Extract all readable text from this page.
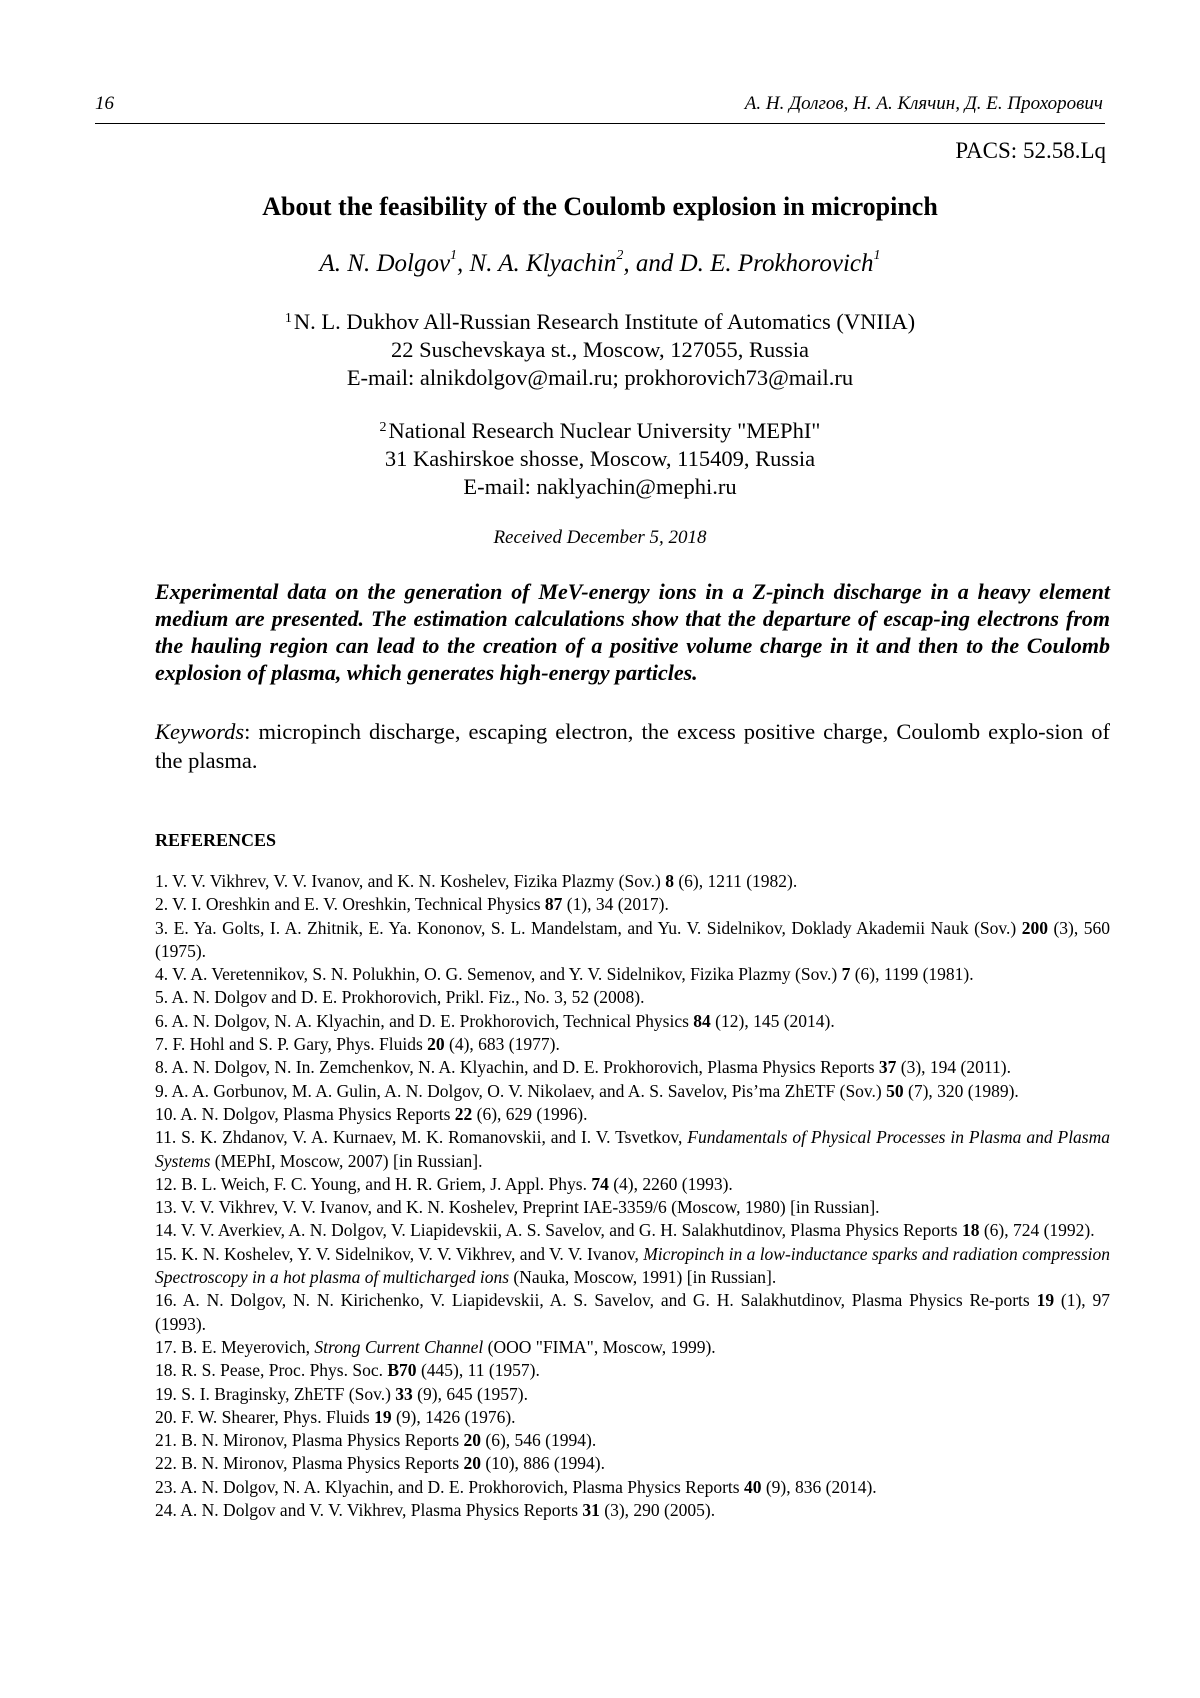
16	А. Н. Долгов, Н. А. Клячин, Д. Е. Прохорович
PACS: 52.58.Lq
About the feasibility of the Coulomb explosion in micropinch
A. N. Dolgov$^1$, N. A. Klyachin$^2$, and D. E. Prokhorovich$^1$
$^1$N. L. Dukhov All-Russian Research Institute of Automatics (VNIIA)
22 Suschevskaya st., Moscow, 127055, Russia
E-mail: alnikdolgov@mail.ru; prokhorovich73@mail.ru
$^2$National Research Nuclear University "MEPhI"
31 Kashirskoe shosse, Moscow, 115409, Russia
E-mail: naklyachin@mephi.ru
Received December 5, 2018
Experimental data on the generation of MeV-energy ions in a Z-pinch discharge in a heavy element medium are presented. The estimation calculations show that the departure of escap-ing electrons from the hauling region can lead to the creation of a positive volume charge in it and then to the Coulomb explosion of plasma, which generates high-energy particles.
Keywords: micropinch discharge, escaping electron, the excess positive charge, Coulomb explo-sion of the plasma.
REFERENCES
1. V. V. Vikhrev, V. V. Ivanov, and K. N. Koshelev, Fizika Plazmy (Sov.) 8 (6), 1211 (1982).
2. V. I. Oreshkin and E. V. Oreshkin, Technical Physics 87 (1), 34 (2017).
3. E. Ya. Golts, I. A. Zhitnik, E. Ya. Kononov, S. L. Mandelstam, and Yu. V. Sidelnikov, Doklady Akademii Nauk (Sov.) 200 (3), 560 (1975).
4. V. A. Veretennikov, S. N. Polukhin, O. G. Semenov, and Y. V. Sidelnikov, Fizika Plazmy (Sov.) 7 (6), 1199 (1981).
5. A. N. Dolgov and D. E. Prokhorovich, Prikl. Fiz., No. 3, 52 (2008).
6. A. N. Dolgov, N. A. Klyachin, and D. E. Prokhorovich, Technical Physics 84 (12), 145 (2014).
7. F. Hohl and S. P. Gary, Phys. Fluids 20 (4), 683 (1977).
8. A. N. Dolgov, N. In. Zemchenkov, N. A. Klyachin, and D. E. Prokhorovich, Plasma Physics Reports 37 (3), 194 (2011).
9. A. A. Gorbunov, M. A. Gulin, A. N. Dolgov, O. V. Nikolaev, and A. S. Savelov, Pis’ma ZhETF (Sov.) 50 (7), 320 (1989).
10. A. N. Dolgov, Plasma Physics Reports 22 (6), 629 (1996).
11. S. K. Zhdanov, V. A. Kurnaev, M. K. Romanovskii, and I. V. Tsvetkov, Fundamentals of Physical Processes in Plasma and Plasma Systems (MEPhI, Moscow, 2007) [in Russian].
12. B. L. Weich, F. C. Young, and H. R. Griem, J. Appl. Phys. 74 (4), 2260 (1993).
13. V. V. Vikhrev, V. V. Ivanov, and K. N. Koshelev, Preprint IAE-3359/6 (Moscow, 1980) [in Russian].
14. V. V. Averkiev, A. N. Dolgov, V. Liapidevskii, A. S. Savelov, and G. H. Salakhutdinov, Plasma Physics Reports 18 (6), 724 (1992).
15. K. N. Koshelev, Y. V. Sidelnikov, V. V. Vikhrev, and V. V. Ivanov, Micropinch in a low-inductance sparks and radiation compression Spectroscopy in a hot plasma of multicharged ions (Nauka, Moscow, 1991) [in Russian].
16. A. N. Dolgov, N. N. Kirichenko, V. Liapidevskii, A. S. Savelov, and G. H. Salakhutdinov, Plasma Physics Re-ports 19 (1), 97 (1993).
17. B. E. Meyerovich, Strong Current Channel (OOO "FIMA", Moscow, 1999).
18. R. S. Pease, Proc. Phys. Soc. B70 (445), 11 (1957).
19. S. I. Braginsky, ZhETF (Sov.) 33 (9), 645 (1957).
20. F. W. Shearer, Phys. Fluids 19 (9), 1426 (1976).
21. B. N. Mironov, Plasma Physics Reports 20 (6), 546 (1994).
22. B. N. Mironov, Plasma Physics Reports 20 (10), 886 (1994).
23. A. N. Dolgov, N. A. Klyachin, and D. E. Prokhorovich, Plasma Physics Reports 40 (9), 836 (2014).
24. A. N. Dolgov and V. V. Vikhrev, Plasma Physics Reports 31 (3), 290 (2005).
